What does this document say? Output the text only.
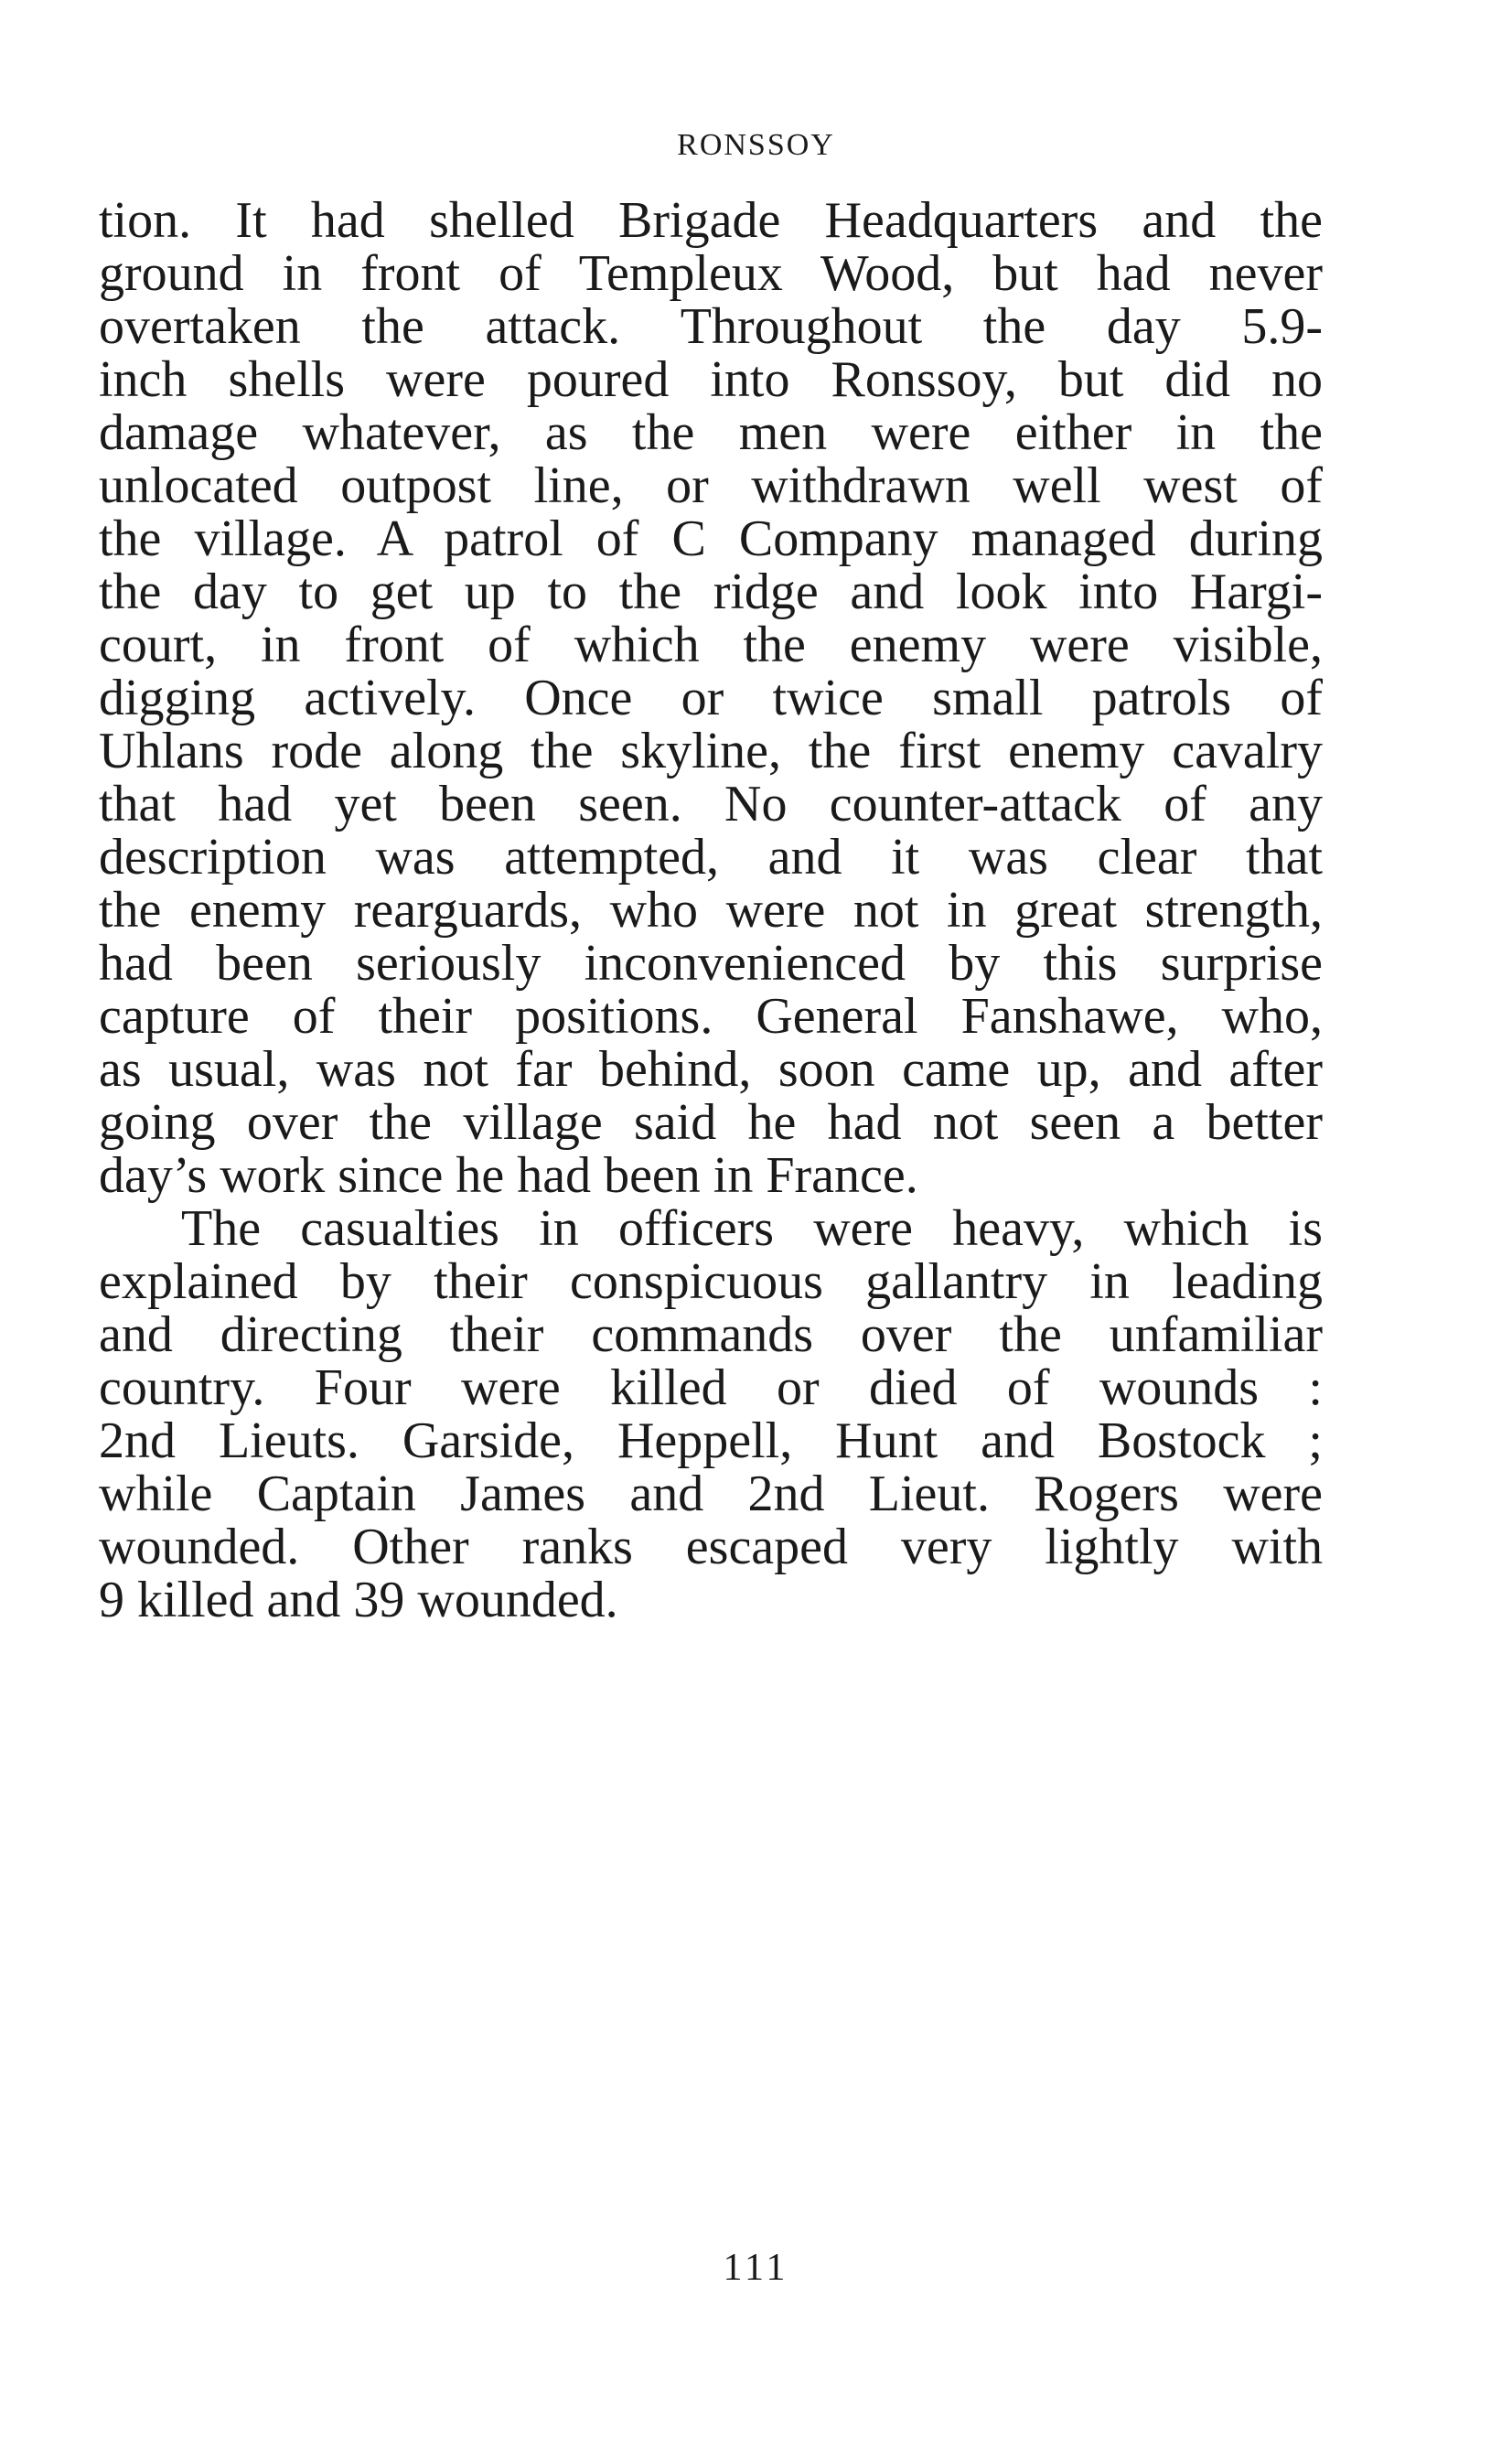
RONSSOY
tion. It had shelled Brigade Headquarters and the
ground in front of Templeux Wood, but had never
overtaken the attack. Throughout the day 5.9-
inch shells were poured into Ronssoy, but did no
damage whatever, as the men were either in the
unlocated outpost line, or withdrawn well west of
the village. A patrol of C Company managed during
the day to get up to the ridge and look into Hargi-
court, in front of which the enemy were visible,
digging actively. Once or twice small patrols of
Uhlans rode along the skyline, the first enemy cavalry
that had yet been seen. No counter-attack of any
description was attempted, and it was clear that
the enemy rearguards, who were not in great strength,
had been seriously inconvenienced by this surprise
capture of their positions. General Fanshawe, who,
as usual, was not far behind, soon came up, and after
going over the village said he had not seen a better
day’s work since he had been in France.
The casualties in officers were heavy, which is
explained by their conspicuous gallantry in leading
and directing their commands over the unfamiliar
country. Four were killed or died of wounds :
2nd Lieuts. Garside, Heppell, Hunt and Bostock ;
while Captain James and 2nd Lieut. Rogers were
wounded. Other ranks escaped very lightly with
9 killed and 39 wounded.
111
